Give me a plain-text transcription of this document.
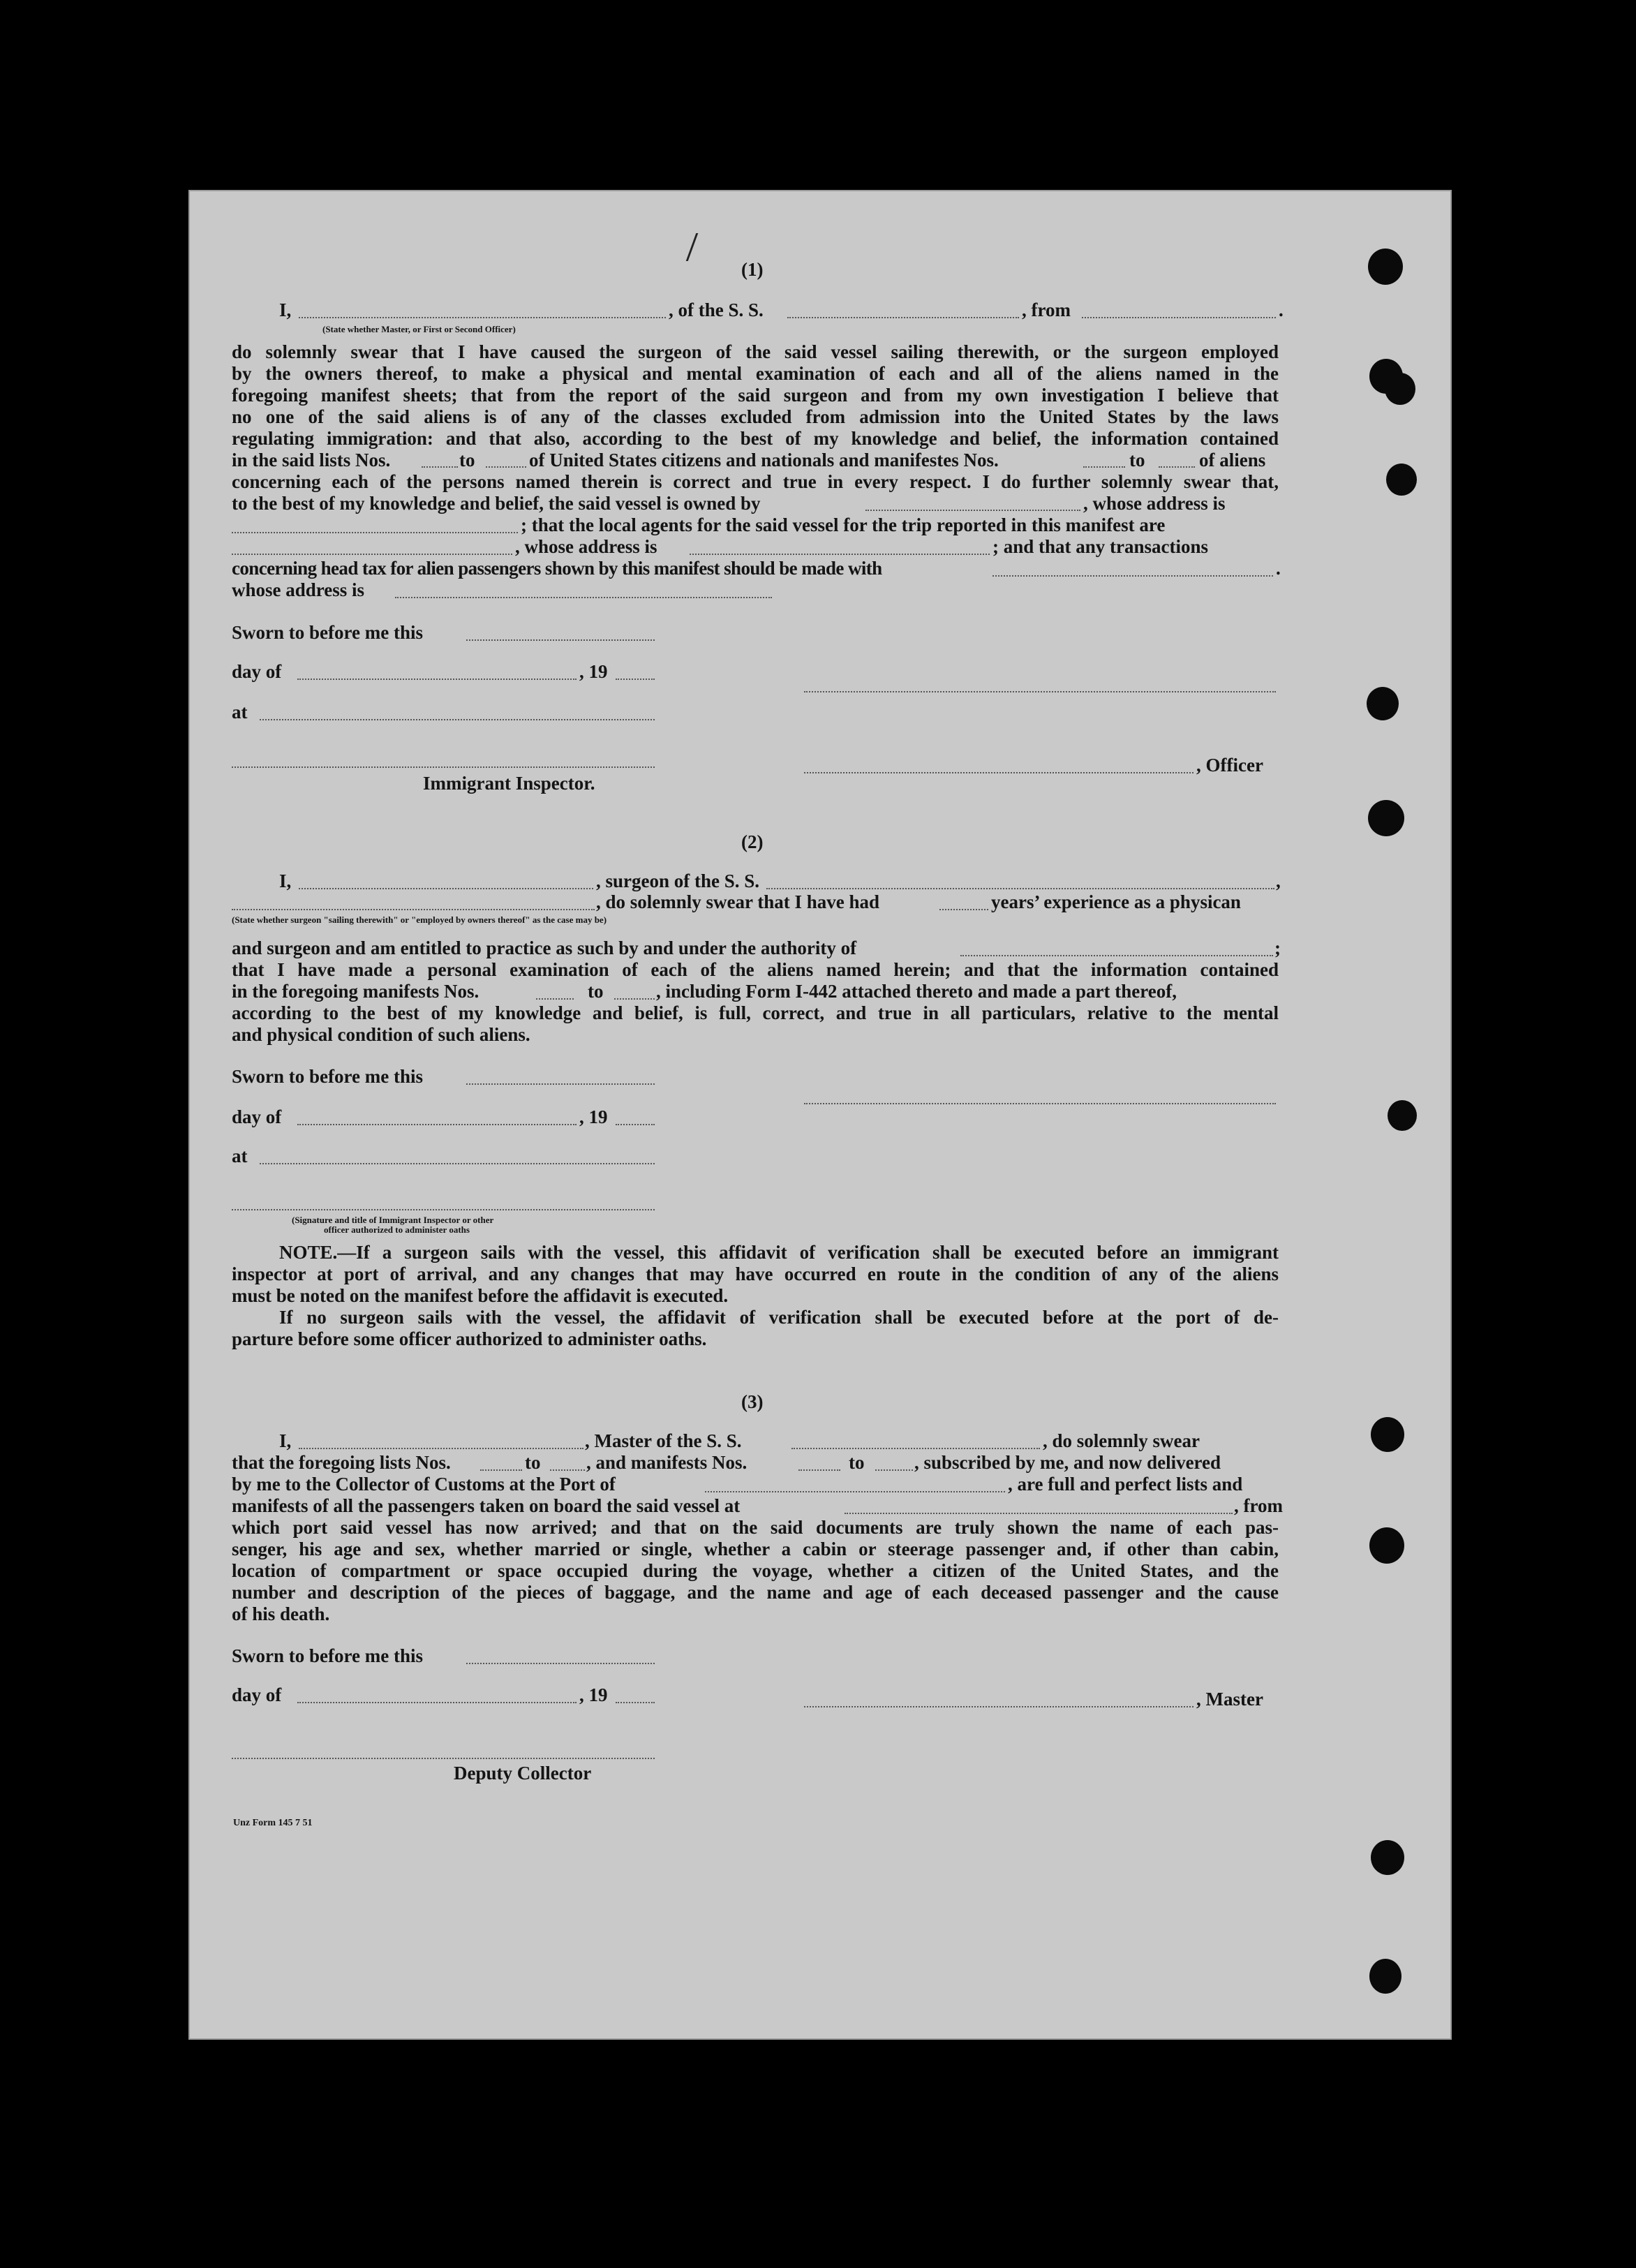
(1)
I,	, of the S. S.	, from	.
(State whether Master, or First or Second Officer)
do solemnly swear that I have caused the surgeon of the said vessel sailing therewith, or the surgeon employed
by the owners thereof, to make a physical and mental examination of each and all of the aliens named in the
foregoing manifest sheets; that from the report of the said surgeon and from my own investigation I believe that
no one of the said aliens is of any of the classes excluded from admission into the United States by the laws
regulating immigration: and that also, according to the best of my knowledge and belief, the information contained
in the said lists Nos.	to	of United States citizens and nationals and manifestes Nos.	to	of aliens
concerning each of the persons named therein is correct and true in every respect. I do further solemnly swear that,
to the best of my knowledge and belief, the said vessel is owned by	, whose address is
; that the local agents for the said vessel for the trip reported in this manifest are
, whose address is	; and that any transactions
concerning head tax for alien passengers shown by this manifest should be made with	.
whose address is
Sworn to before me this
day of	, 19
at
, Officer
Immigrant Inspector.
(2)
I,	, surgeon of the S. S.	,
, do solemnly swear that I have had	years’ experience as a physican
(State whether surgeon "sailing therewith" or "employed by owners thereof" as the case may be)
and surgeon and am entitled to practice as such by and under the authority of	;
that I have made a personal examination of each of the aliens named herein; and that the information contained
in the foregoing manifests Nos.	to	, including Form I-442 attached thereto and made a part thereof,
according to the best of my knowledge and belief, is full, correct, and true in all particulars, relative to the mental
and physical condition of such aliens.
Sworn to before me this
day of	, 19
at
(Signature and title of Immigrant Inspector or other
officer authorized to administer oaths
NOTE.—If a surgeon sails with the vessel, this affidavit of verification shall be executed before an immigrant
inspector at port of arrival, and any changes that may have occurred en route in the condition of any of the aliens
must be noted on the manifest before the affidavit is executed.
If no surgeon sails with the vessel, the affidavit of verification shall be executed before at the port of de-
parture before some officer authorized to administer oaths.
(3)
I,	, Master of the S. S.	, do solemnly swear
that the foregoing lists Nos.	to , and manifests Nos.	to	, subscribed by me, and now delivered
by me to the Collector of Customs at the Port of	, are full and perfect lists and
manifests of all the passengers taken on board the said vessel at	, from
which port said vessel has now arrived; and that on the said documents are truly shown the name of each pas-
senger, his age and sex, whether married or single, whether a cabin or steerage passenger and, if other than cabin,
location of compartment or space occupied during the voyage, whether a citizen of the United States, and the
number and description of the pieces of baggage, and the name and age of each deceased passenger and the cause
of his death.
Sworn to before me this
day of	, 19	, Master
Deputy Collector
Unz Form 145 7 51
